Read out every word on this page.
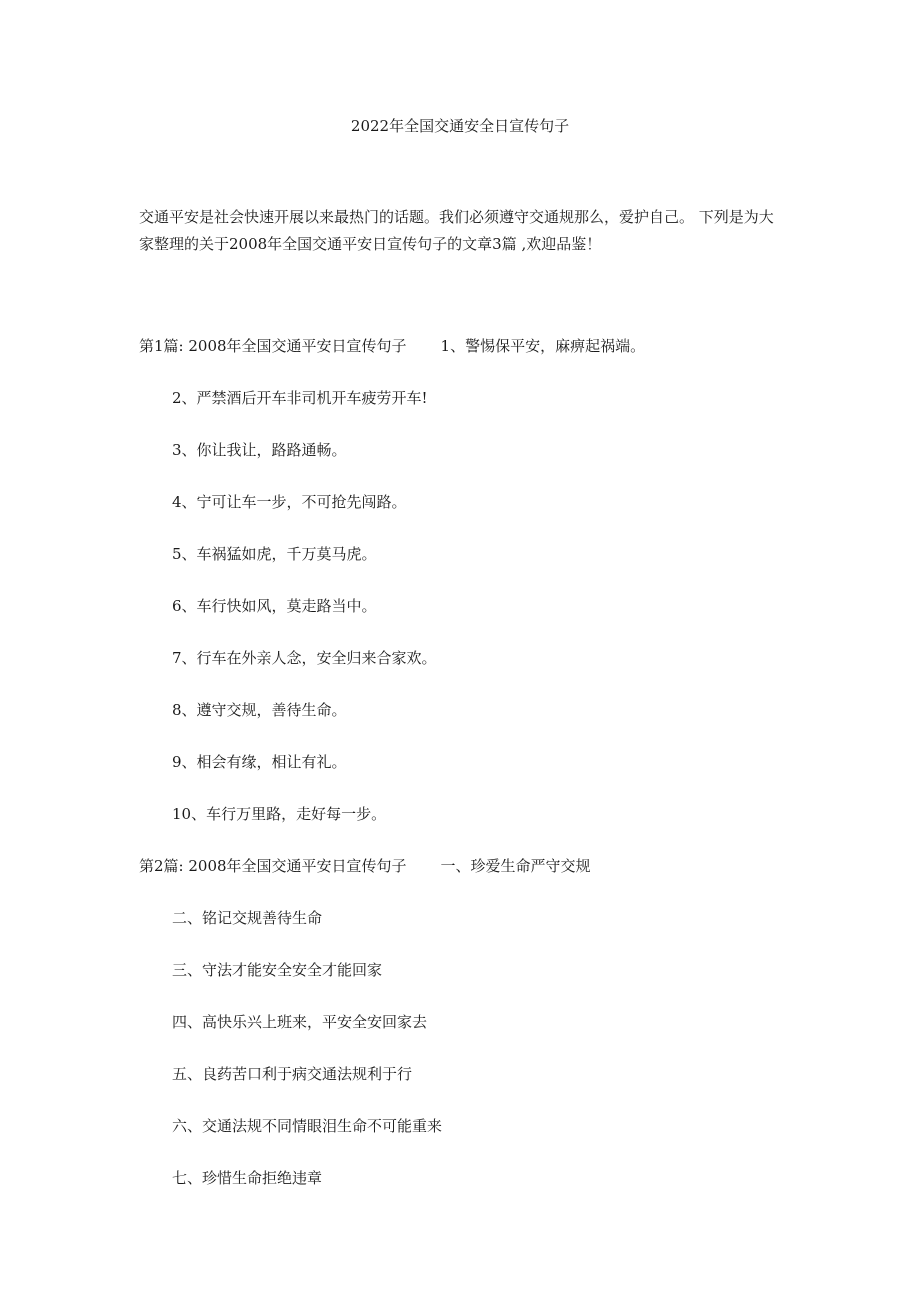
2022年全国交通安全日宣传句子

交通平安是社会快速开展以来最热门的话题。我们必须遵守交通规那么，爱护自己。 下列是为大家整理的关于2008年全国交通平安日宣传句子的文章3篇 ,欢迎品鉴！

第1篇: 2008年全国交通平安日宣传句子 1、警惕保平安，麻痹起祸端。
2、严禁酒后开车非司机开车疲劳开车!
3、你让我让，路路通畅。
4、宁可让车一步，不可抢先闯路。
5、车祸猛如虎，千万莫马虎。
6、车行快如风，莫走路当中。
7、行车在外亲人念，安全归来合家欢。
8、遵守交规，善待生命。
9、相会有缘，相让有礼。
10、车行万里路，走好每一步。
第2篇: 2008年全国交通平安日宣传句子 一、珍爱生命严守交规
二、铭记交规善待生命
三、守法才能安全安全才能回家
四、高快乐兴上班来，平安全安回家去
五、良药苦口利于病交通法规利于行
六、交通法规不同情眼泪生命不可能重来
七、珍惜生命拒绝违章
